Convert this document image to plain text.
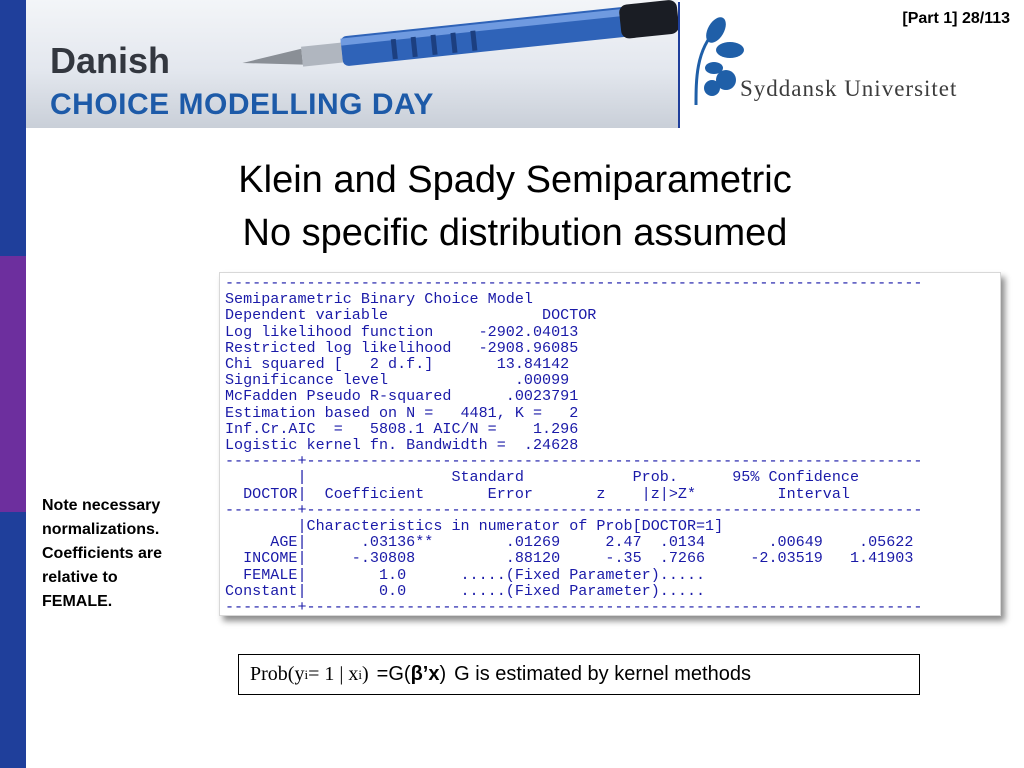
Danish
CHOICE MODELLING DAY	Syddansk Universitet
[Part 1] 28/113
Klein and Spady Semiparametric
No specific distribution assumed
-----------------------------------------------------------------------------
Semiparametric Binary Choice Model
Dependent variable                 DOCTOR
Log likelihood function     -2902.04013
Restricted log likelihood   -2908.96085
Chi squared [   2 d.f.]       13.84142
Significance level              .00099
McFadden Pseudo R-squared      .0023791
Estimation based on N =   4481, K =   2
Inf.Cr.AIC  =   5808.1 AIC/N =    1.296
Logistic kernel fn. Bandwidth =  .24628
--------+--------------------------------------------------------------------
|                Standard            Prob.      95% Confidence
DOCTOR|  Coefficient       Error       z    |z|>Z*         Interval
--------+--------------------------------------------------------------------
|Characteristics in numerator of Prob[DOCTOR=1]
AGE|      .03136**        .01269     2.47  .0134       .00649    .05622
INCOME|     -.30808          .88120     -.35  .7266     -2.03519   1.41903
FEMALE|        1.0      .....(Fixed Parameter).....
Constant|        0.0      .....(Fixed Parameter).....
--------+--------------------------------------------------------------------
Note necessary
normalizations.
Coefficients are
relative to
FEMALE.
Prob(y i = 1 | x i ) =G( β’x ) G is estimated by kernel methods
